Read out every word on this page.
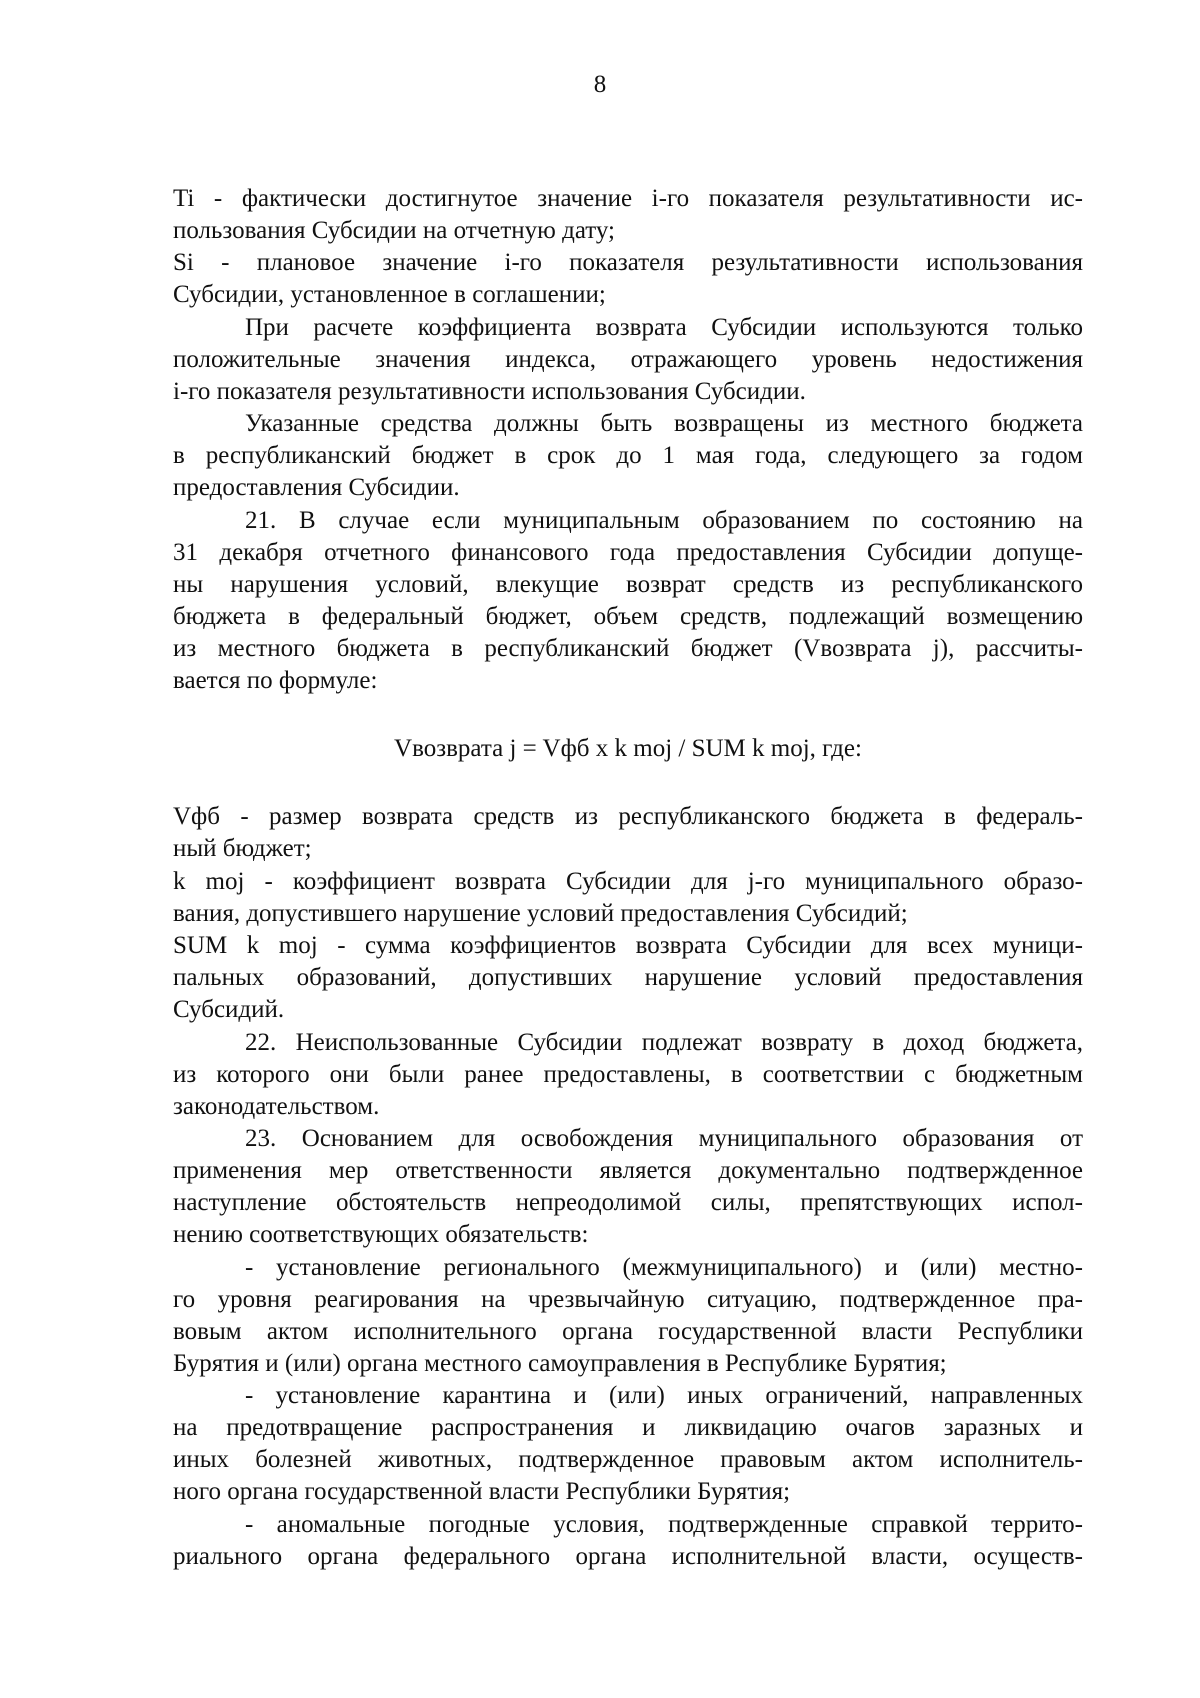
8
Ti - фактически достигнутое значение i-го показателя результативности ис-
пользования Субсидии на отчетную дату;
Si - плановое значение i-го показателя результативности использования
Субсидии, установленное в соглашении;
При расчете коэффициента возврата Субсидии используются только
положительные значения индекса, отражающего уровень недостижения
i-го показателя результативности использования Субсидии.
Указанные средства должны быть возвращены из местного бюджета
в республиканский бюджет в срок до 1 мая года, следующего за годом
предоставления Субсидии.
21. В случае если муниципальным образованием по состоянию на
31 декабря отчетного финансового года предоставления Субсидии допуще-
ны нарушения условий, влекущие возврат средств из республиканского
бюджета в федеральный бюджет, объем средств, подлежащий возмещению
из местного бюджета в республиканский бюджет (Vвозврата j), рассчиты-
вается по формуле:
Vвозврата j = Vфб x k moj / SUM k moj, где:
Vфб - размер возврата средств из республиканского бюджета в федераль-
ный бюджет;
k moj - коэффициент возврата Субсидии для j-го муниципального образо-
вания, допустившего нарушение условий предоставления Субсидий;
SUM k moj - сумма коэффициентов возврата Субсидии для всех муници-
пальных образований, допустивших нарушение условий предоставления
Субсидий.
22. Неиспользованные Субсидии подлежат возврату в доход бюджета,
из которого они были ранее предоставлены, в соответствии с бюджетным
законодательством.
23. Основанием для освобождения муниципального образования от
применения мер ответственности является документально подтвержденное
наступление обстоятельств непреодолимой силы, препятствующих испол-
нению соответствующих обязательств:
- установление регионального (межмуниципального) и (или) местно-
го уровня реагирования на чрезвычайную ситуацию, подтвержденное пра-
вовым актом исполнительного органа государственной власти Республики
Бурятия и (или) органа местного самоуправления в Республике Бурятия;
- установление карантина и (или) иных ограничений, направленных
на предотвращение распространения и ликвидацию очагов заразных и
иных болезней животных, подтвержденное правовым актом исполнитель-
ного органа государственной власти Республики Бурятия;
- аномальные погодные условия, подтвержденные справкой террито-
риального органа федерального органа исполнительной власти, осуществ-
